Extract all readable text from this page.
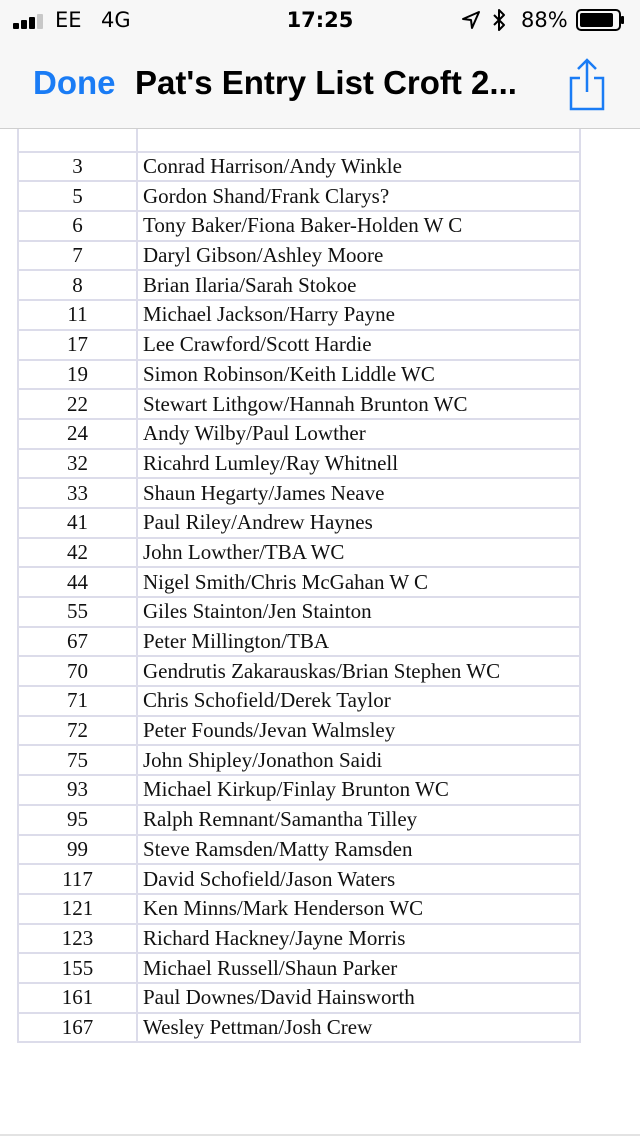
EE 4G	17:25	88%
Done Pat's Entry List Croft 2...

3	Conrad Harrison/Andy Winkle
5	Gordon Shand/Frank Clarys?
6	Tony Baker/Fiona Baker-Holden W C
7	Daryl Gibson/Ashley Moore
8	Brian Ilaria/Sarah Stokoe
11	Michael Jackson/Harry Payne
17	Lee Crawford/Scott Hardie
19	Simon Robinson/Keith Liddle WC
22	Stewart Lithgow/Hannah Brunton WC
24	Andy Wilby/Paul Lowther
32	Ricahrd Lumley/Ray Whitnell
33	Shaun Hegarty/James Neave
41	Paul Riley/Andrew Haynes
42	John Lowther/TBA WC
44	Nigel Smith/Chris McGahan W C
55	Giles Stainton/Jen Stainton
67	Peter Millington/TBA
70	Gendrutis Zakarauskas/Brian Stephen WC
71	Chris Schofield/Derek Taylor
72	Peter Founds/Jevan Walmsley
75	John Shipley/Jonathon Saidi
93	Michael Kirkup/Finlay Brunton WC
95	Ralph Remnant/Samantha Tilley
99	Steve Ramsden/Matty Ramsden
117	David Schofield/Jason Waters
121	Ken Minns/Mark Henderson WC
123	Richard Hackney/Jayne Morris
155	Michael Russell/Shaun Parker
161	Paul Downes/David Hainsworth
167	Wesley Pettman/Josh Crew
